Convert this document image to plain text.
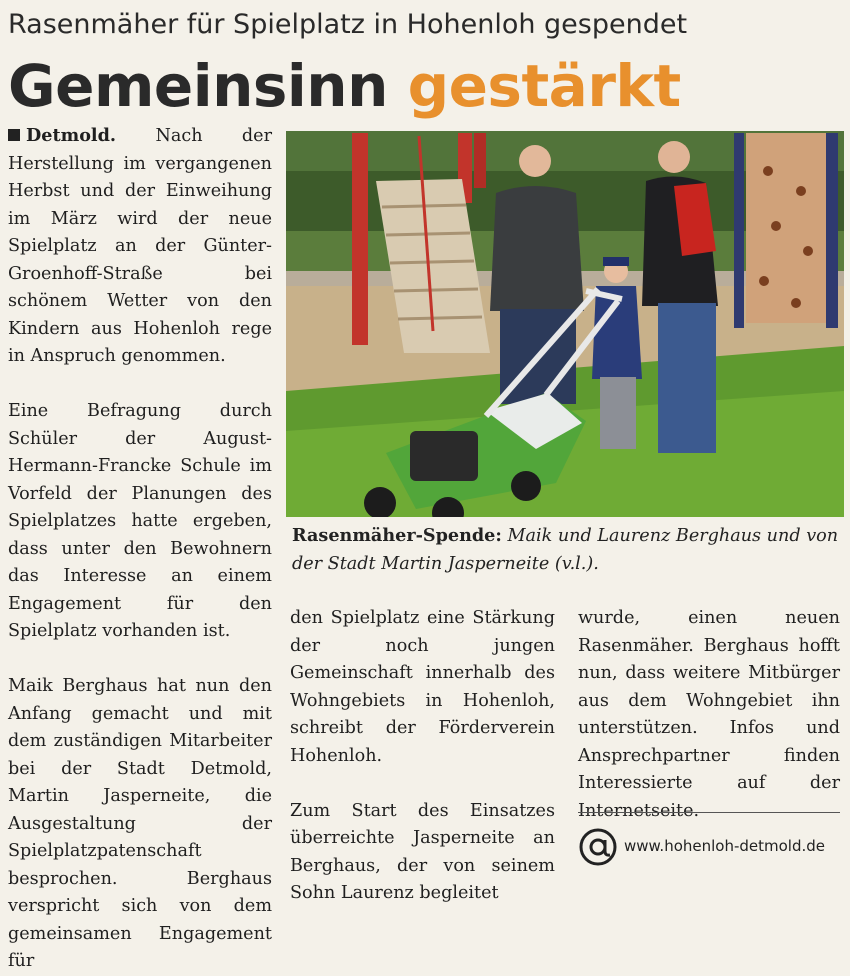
Rasenmäher für Spielplatz in Hohenloh gespendet
Gemeinsinn gestärkt

Detmold. Nach der Herstellung im vergangenen Herbst und der Einweihung im März wird der neue Spielplatz an der Günter-Groenhoff-Straße bei schönem Wetter von den Kindern aus Hohenloh rege in Anspruch genommen.

Eine Befragung durch Schüler der August-Hermann-Francke Schule im Vorfeld der Planungen des Spielplatzes hatte ergeben, dass unter den Bewohnern das Interesse an einem Engagement für den Spielplatz vorhanden ist.

Maik Berghaus hat nun den Anfang gemacht und mit dem zuständigen Mitarbeiter bei der Stadt Detmold, Martin Jasperneite, die Ausgestaltung der Spielplatzpatenschaft besprochen. Berghaus verspricht sich von dem gemeinsamen Engagement für

Rasenmäher-Spende: Maik und Laurenz Berghaus und von der Stadt Martin Jasperneite (v.l.).

den Spielplatz eine Stärkung der noch jungen Gemeinschaft innerhalb des Wohngebiets in Hohenloh, schreibt der Förderverein Hohenloh.

Zum Start des Einsatzes überreichte Jasperneite an Berghaus, der von seinem Sohn Laurenz begleitet

wurde, einen neuen Rasenmäher. Berghaus hofft nun, dass weitere Mitbürger aus dem Wohngebiet ihn unterstützen. Infos und Ansprechpartner finden Interessierte auf der Internetseite.

www.hohenloh-detmold.de
